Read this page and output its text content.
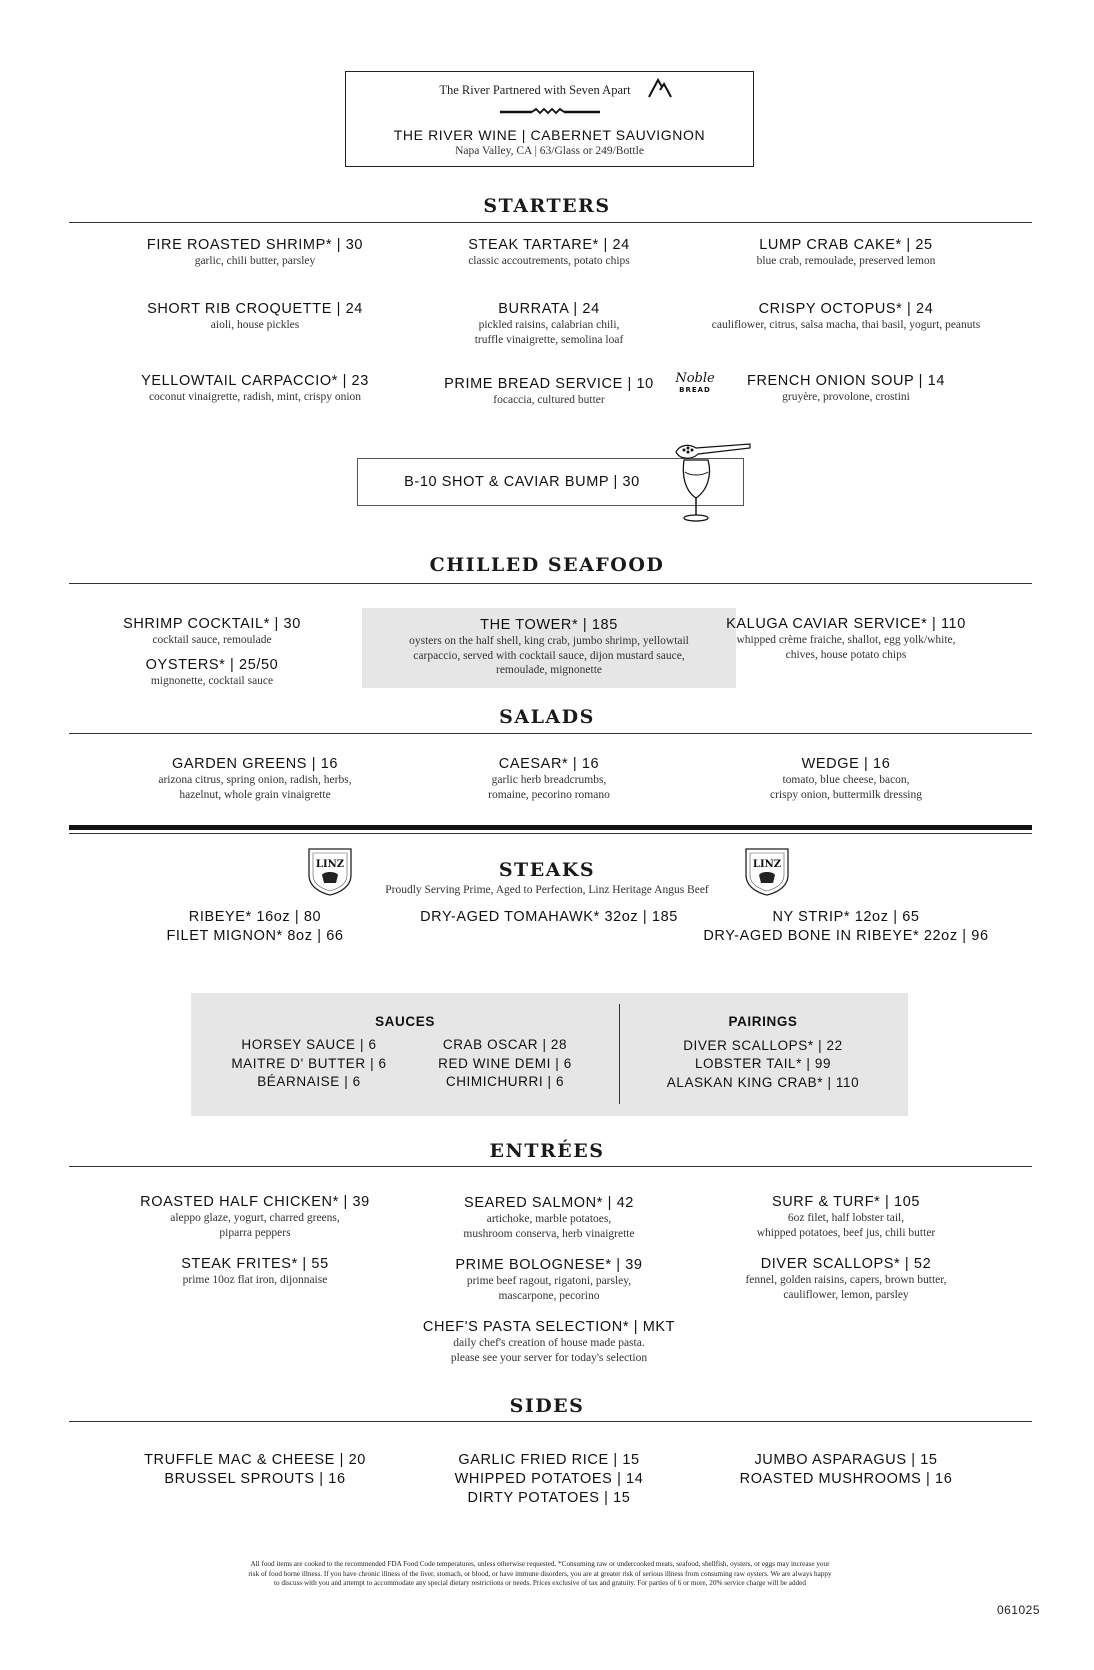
The River Partnered with Seven Apart
THE RIVER WINE | CABERNET SAUVIGNON
Napa Valley, CA | 63/Glass or 249/Bottle
STARTERS
FIRE ROASTED SHRIMP* | 30
garlic, chili butter, parsley
STEAK TARTARE* | 24
classic accoutrements, potato chips
LUMP CRAB CAKE* | 25
blue crab, remoulade, preserved lemon
SHORT RIB CROQUETTE | 24
aioli, house pickles
BURRATA | 24
pickled raisins, calabrian chili,
truffle vinaigrette, semolina loaf
CRISPY OCTOPUS* | 24
cauliflower, citrus, salsa macha, thai basil, yogurt, peanuts
YELLOWTAIL CARPACCIO* | 23
coconut vinaigrette, radish, mint, crispy onion
PRIME BREAD SERVICE | 10
focaccia, cultured butter
Noble
BREAD
FRENCH ONION SOUP | 14
gruyère, provolone, crostini
B-10 SHOT & CAVIAR BUMP | 30
CHILLED SEAFOOD
SHRIMP COCKTAIL* | 30
cocktail sauce, remoulade
OYSTERS* | 25/50
mignonette, cocktail sauce
THE TOWER* | 185
oysters on the half shell, king crab, jumbo shrimp, yellowtail
carpaccio, served with cocktail sauce, dijon mustard sauce,
remoulade, mignonette
KALUGA CAVIAR SERVICE* | 110
whipped crème fraiche, shallot, egg yolk/white,
chives, house potato chips
SALADS
GARDEN GREENS | 16
arizona citrus, spring onion, radish, herbs,
hazelnut, whole grain vinaigrette
CAESAR* | 16
garlic herb breadcrumbs,
romaine, pecorino romano
WEDGE | 16
tomato, blue cheese, bacon,
crispy onion, buttermilk dressing
LINZ	LINZ
STEAKS
Proudly Serving Prime, Aged to Perfection, Linz Heritage Angus Beef
RIBEYE* 16oz | 80
FILET MIGNON* 8oz | 66
DRY-AGED TOMAHAWK* 32oz | 185	NY STRIP* 12oz | 65
DRY-AGED BONE IN RIBEYE* 22oz | 96
SAUCES
HORSEY SAUCE | 6
MAITRE D' BUTTER | 6
BÉARNAISE | 6
CRAB OSCAR | 28
RED WINE DEMI | 6
CHIMICHURRI | 6
PAIRINGS
DIVER SCALLOPS* | 22
LOBSTER TAIL* | 99
ALASKAN KING CRAB* | 110
ENTRÉES
ROASTED HALF CHICKEN* | 39
aleppo glaze, yogurt, charred greens,
piparra peppers
SEARED SALMON* | 42
artichoke, marble potatoes,
mushroom conserva, herb vinaigrette
SURF & TURF* | 105
6oz filet, half lobster tail,
whipped potatoes, beef jus, chili butter
STEAK FRITES* | 55
prime 10oz flat iron, dijonnaise
PRIME BOLOGNESE* | 39
prime beef ragout, rigatoni, parsley,
mascarpone, pecorino
DIVER SCALLOPS* | 52
fennel, golden raisins, capers, brown butter,
cauliflower, lemon, parsley
CHEF'S PASTA SELECTION* | MKT
daily chef's creation of house made pasta.
please see your server for today's selection
SIDES
TRUFFLE MAC & CHEESE | 20
BRUSSEL SPROUTS | 16
GARLIC FRIED RICE | 15
WHIPPED POTATOES | 14
DIRTY POTATOES | 15
JUMBO ASPARAGUS | 15
ROASTED MUSHROOMS | 16
All food items are cooked to the recommended FDA Food Code temperatures, unless otherwise requested. *Consuming raw or undercooked meats, seafood, shellfish, oysters, or eggs may increase your
risk of food borne illness. If you have chronic illness of the liver, stomach, or blood, or have immune disorders, you are at greater risk of serious illness from consuming raw oysters. We are always happy
to discuss with you and attempt to accommodate any special dietary restrictions or needs. Prices exclusive of tax and gratuity. For parties of 6 or more, 20% service charge will be added
061025
